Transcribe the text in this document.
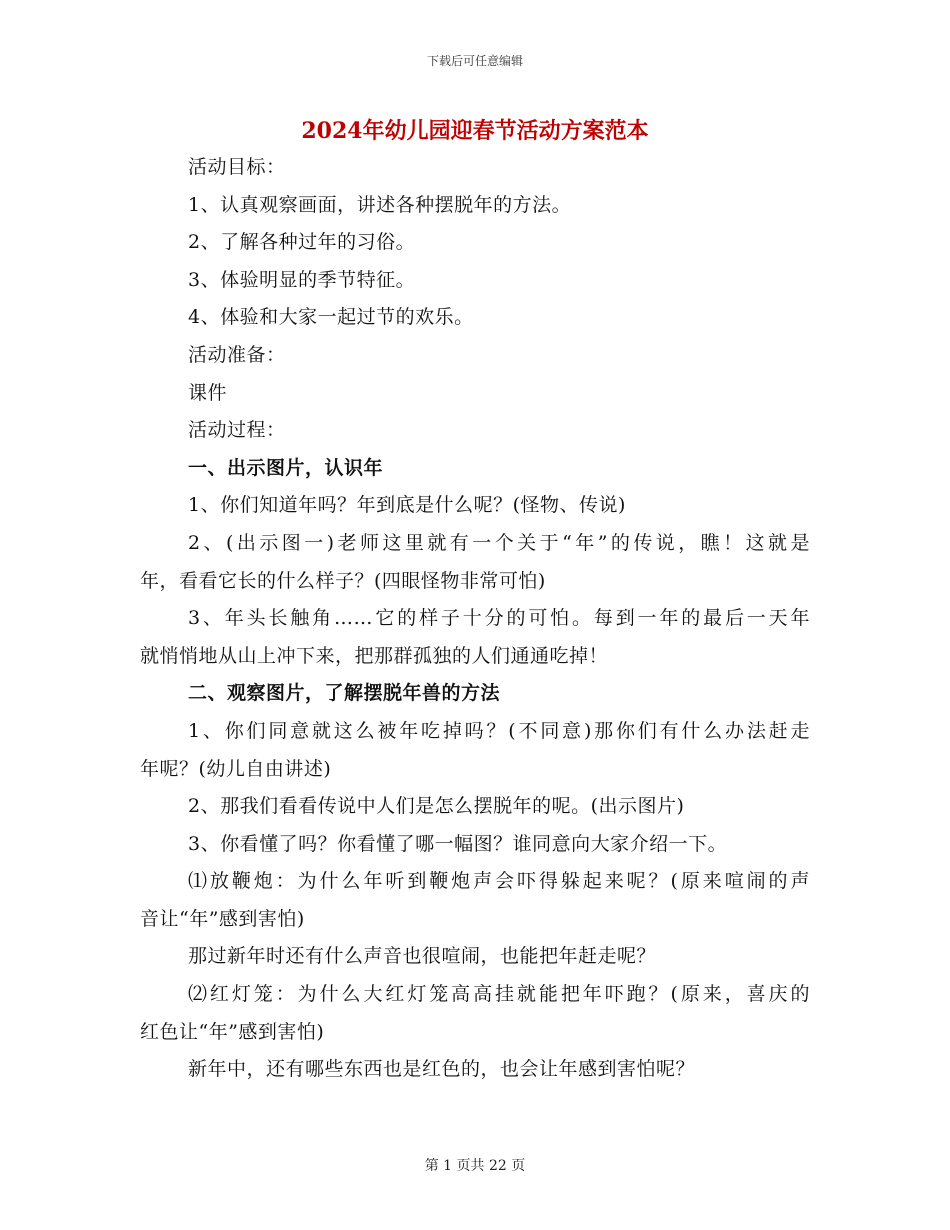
下载后可任意编辑
2024年幼儿园迎春节活动方案范本

活动目标：

1、认真观察画面，讲述各种摆脱年的方法。

2、了解各种过年的习俗。

3、体验明显的季节特征。

4、体验和大家一起过节的欢乐。

活动准备：

课件

活动过程：

一、出示图片，认识年

1、你们知道年吗？年到底是什么呢？(怪物、传说)

2、(出示图一)老师这里就有一个关于“年”的传说，瞧！这就是

年，看看它长的什么样子？(四眼怪物非常可怕)

3、年头长触角……它的样子十分的可怕。每到一年的最后一天年

就悄悄地从山上冲下来，把那群孤独的人们通通吃掉！

二、观察图片，了解摆脱年兽的方法

1、你们同意就这么被年吃掉吗？(不同意)那你们有什么办法赶走

年呢？(幼儿自由讲述)

2、那我们看看传说中人们是怎么摆脱年的呢。(出示图片)

3、你看懂了吗？你看懂了哪一幅图？谁同意向大家介绍一下。

⑴放鞭炮：为什么年听到鞭炮声会吓得躲起来呢？(原来喧闹的声

音让“年”感到害怕)

那过新年时还有什么声音也很喧闹，也能把年赶走呢？

⑵红灯笼：为什么大红灯笼高高挂就能把年吓跑？(原来，喜庆的

红色让“年”感到害怕)

新年中，还有哪些东西也是红色的，也会让年感到害怕呢？

第 1 页共 22 页
